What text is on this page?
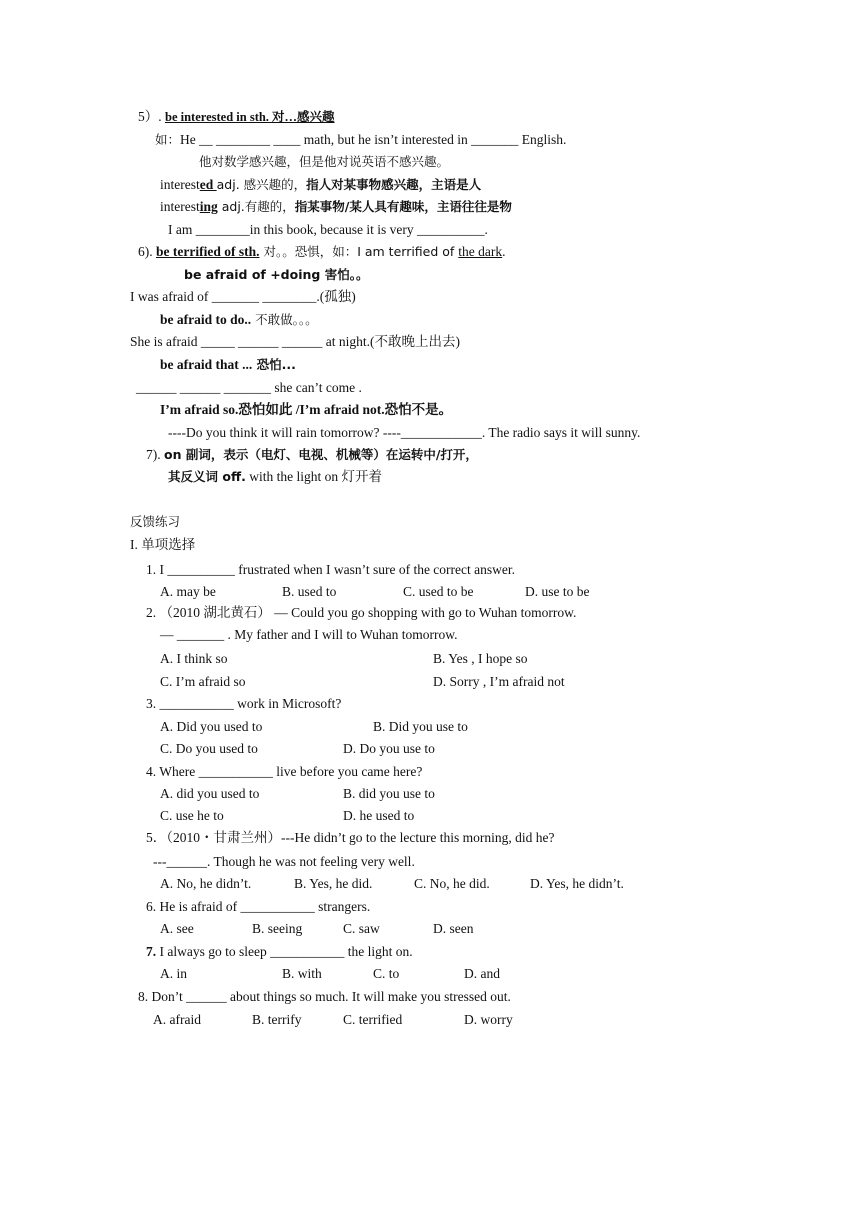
5）. be interested in sth. 对…感兴趣
如：He __ ________ ____ math, but he isn’t interested in _______ English.
他对数学感兴趣，但是他对说英语不感兴趣。
interested adj. 感兴趣的，指人对某事物感兴趣，主语是人
interesting adj.有趣的，指某事物/某人具有趣味，主语往往是物
I am ________in this book, because it is very __________.
6). be terrified of sth. 对。。恐惧，如：I am terrified of the dark.
be afraid of +doing 害怕。。
I was afraid of _______ ________.(孤独)
be afraid to do.. 不敢做。。。
She is afraid _____ ______ ______ at night.(不敢晚上出去)
be afraid that ... 恐怕...
______ ______ _______ she can’t come .
I’m afraid so.恐怕如此 /I’m afraid not.恐怕不是。
----Do you think it will rain tomorrow? ----____________. The radio says it will sunny.
7). on 副词，表示（电灯、电视、机械等）在运转中/打开，
其反义词 off. with the light on 灯开着
反馈练习
I. 单项选择
1. I __________ frustrated when I wasn’t sure of the correct answer.
A. may be	B. used to	C. used to be	D. use to be
2. （2010 湖北黄石） — Could you go shopping with go to Wuhan tomorrow.
— _______ . My father and I will to Wuhan tomorrow.
A. I think so	B. Yes , I hope so
C. I’m afraid so	D. Sorry , I’m afraid not
3. ___________ work in Microsoft?
A. Did you used to	B. Did you use to
C. Do you used to	D. Do you use to
4. Where ___________ live before you came here?
A. did you used to	B. did you use to
C. use he to	D. he used to
5．（2010・甘肃兰州）---He didn’t go to the lecture this morning, did he?
---______. Though he was not feeling very well.
A. No, he didn’t.	B. Yes, he did.	C. No, he did.	D. Yes, he didn’t.
6. He is afraid of ___________ strangers.
A. see	B. seeing	C. saw	D. seen
7. I always go to sleep ___________ the light on.
A. in	B. with	C. to	D. and
8. Don’t ______ about things so much. It will make you stressed out.
A. afraid	B. terrify	C. terrified	D. worry
